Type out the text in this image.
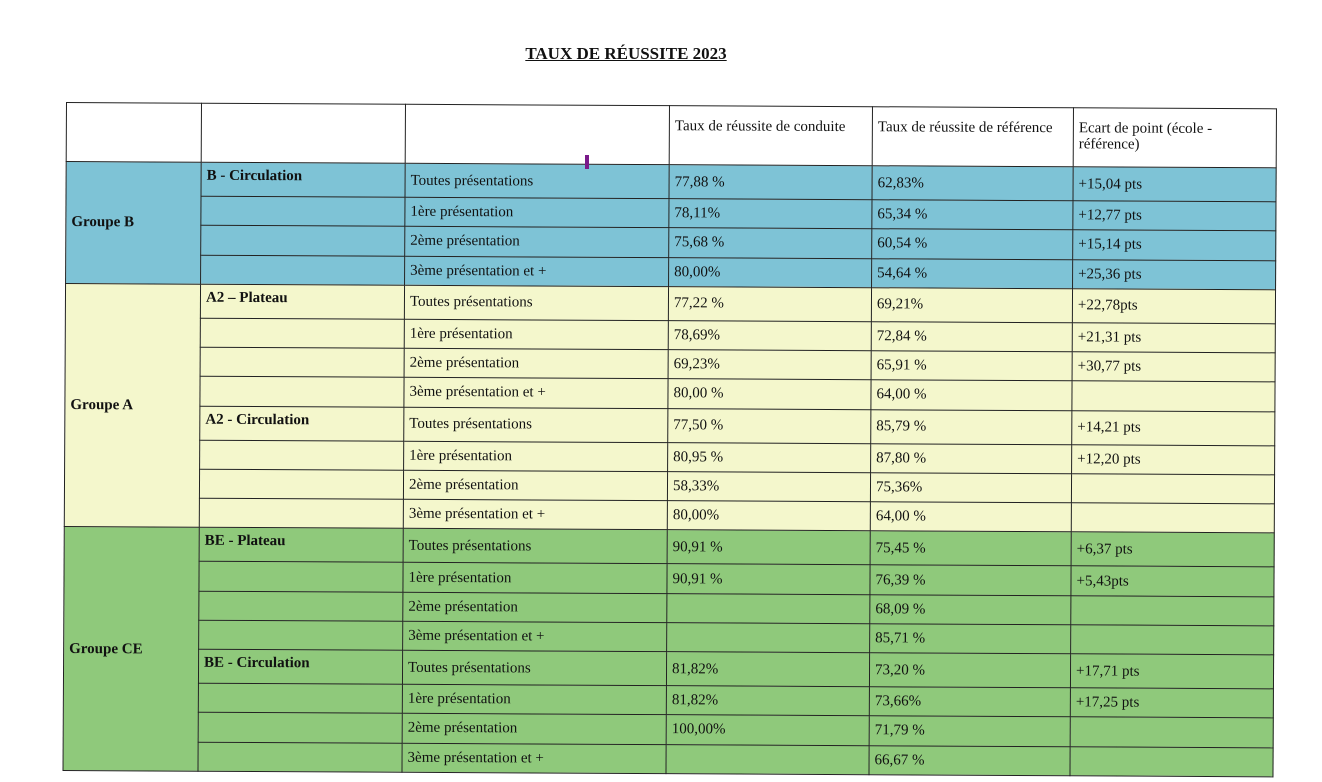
TAUX DE RÉUSSITE 2023
			Taux de réussite de conduite	Taux de réussite de référence	Ecart de point (école - référence)
Groupe B	B - Circulation	Toutes présentations	77,88 %	62,83%	+15,04 pts
		1ère présentation	78,11%	65,34 %	+12,77 pts
		2ème présentation	75,68 %	60,54 %	+15,14 pts
		3ème présentation et +	80,00%	54,64 %	+25,36 pts
Groupe A	A2 – Plateau	Toutes présentations	77,22 %	69,21%	+22,78pts
		1ère présentation	78,69%	72,84 %	+21,31 pts
		2ème présentation	69,23%	65,91 %	+30,77 pts
		3ème présentation et +	80,00 %	64,00 %	
	A2 - Circulation	Toutes présentations	77,50 %	85,79 %	+14,21 pts
		1ère présentation	80,95 %	87,80 %	+12,20 pts
		2ème présentation	58,33%	75,36%	
		3ème présentation et +	80,00%	64,00 %	
Groupe CE	BE - Plateau	Toutes présentations	90,91 %	75,45 %	+6,37 pts
		1ère présentation	90,91 %	76,39 %	+5,43pts
		2ème présentation		68,09 %	
		3ème présentation et +		85,71 %	
	BE - Circulation	Toutes présentations	81,82%	73,20 %	+17,71 pts
		1ère présentation	81,82%	73,66%	+17,25 pts
		2ème présentation	100,00%	71,79 %	
		3ème présentation et +		66,67 %	
